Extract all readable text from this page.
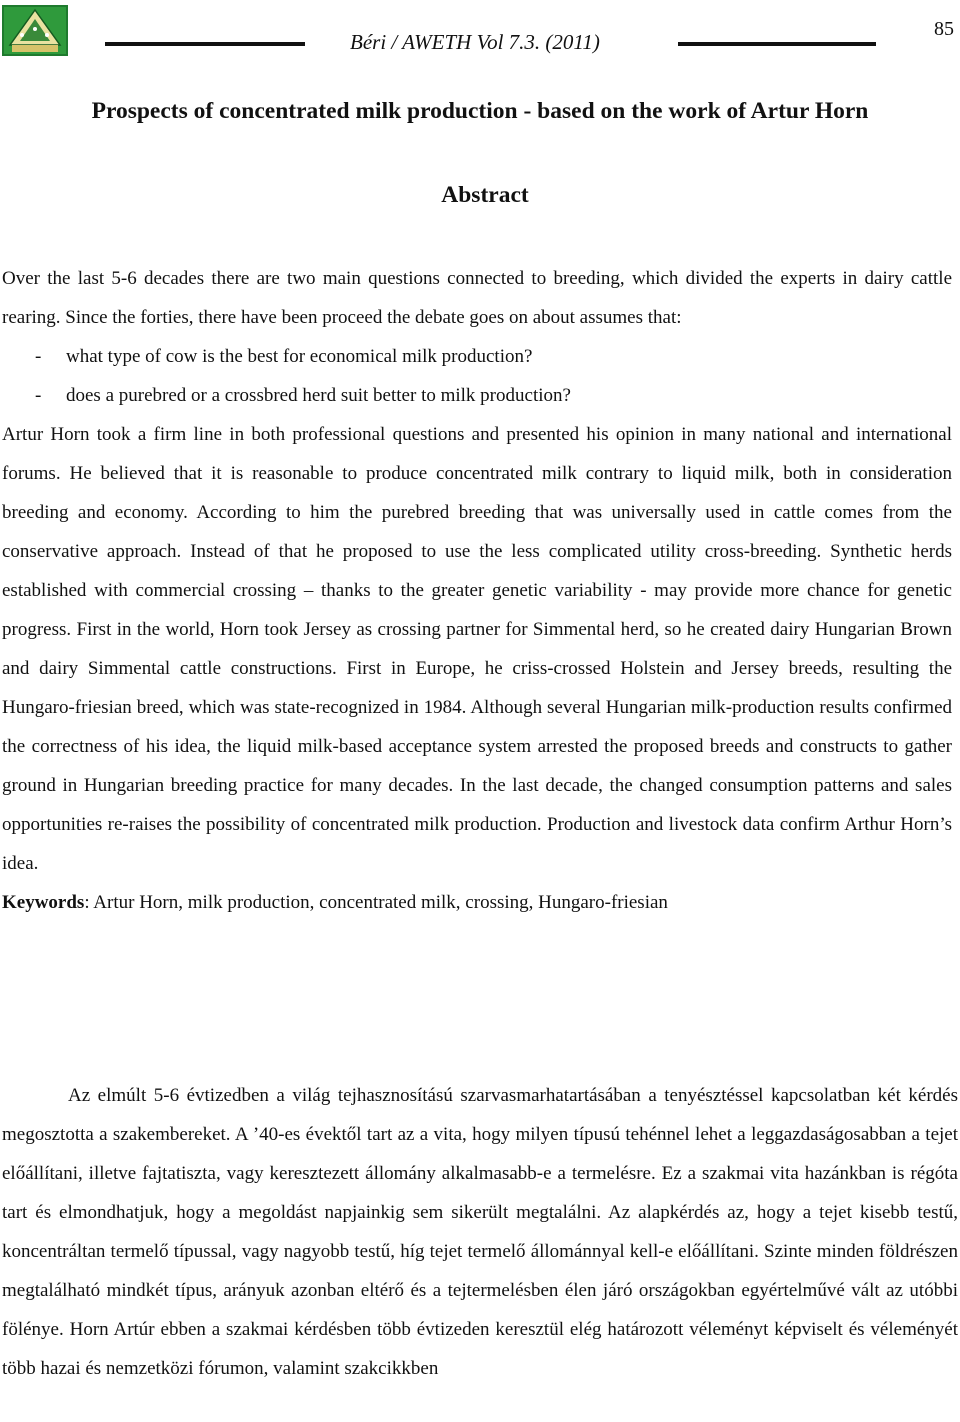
Béri / AWETH Vol 7.3. (2011)
85
Prospects of concentrated milk production - based on the work of Artur Horn
Abstract

Over the last 5-6 decades there are two main questions connected to breeding, which divided the experts in dairy cattle rearing. Since the forties, there have been proceed the debate goes on about assumes that:

- what type of cow is the best for economical milk production?
- does a purebred or a crossbred herd suit better to milk production?

Artur Horn took a firm line in both professional questions and presented his opinion in many national and international forums. He believed that it is reasonable to produce concentrated milk contrary to liquid milk, both in consideration breeding and economy. According to him the purebred breeding that was universally used in cattle comes from the conservative approach. Instead of that he proposed to use the less complicated utility cross-breeding. Synthetic herds established with commercial crossing – thanks to the greater genetic variability - may provide more chance for genetic progress. First in the world, Horn took Jersey as crossing partner for Simmental herd, so he created dairy Hungarian Brown and dairy Simmental cattle constructions. First in Europe, he criss-crossed Holstein and Jersey breeds, resulting the Hungaro-friesian breed, which was state-recognized in 1984. Although several Hungarian milk-production results confirmed the correctness of his idea, the liquid milk-based acceptance system arrested the proposed breeds and constructs to gather ground in Hungarian breeding practice for many decades. In the last decade, the changed consumption patterns and sales opportunities re-raises the possibility of concentrated milk production. Production and livestock data confirm Arthur Horn’s idea.

Keywords: Artur Horn, milk production, concentrated milk, crossing, Hungaro-friesian

Az elmúlt 5-6 évtizedben a világ tejhasznosítású szarvasmarhatartásában a tenyésztéssel kapcsolatban két kérdés megosztotta a szakembereket. A ’40-es évektől tart az a vita, hogy milyen típusú tehénnel lehet a leggazdaságosabban a tejet előállítani, illetve fajtatiszta, vagy keresztezett állomány alkalmasabb-e a termelésre. Ez a szakmai vita hazánkban is régóta tart és elmondhatjuk, hogy a megoldást napjainkig sem sikerült megtalálni. Az alapkérdés az, hogy a tejet kisebb testű, koncentráltan termelő típussal, vagy nagyobb testű, híg tejet termelő állománnyal kell-e előállítani. Szinte minden földrészen megtalálható mindkét típus, arányuk azonban eltérő és a tejtermelésben élen járó országokban egyértelművé vált az utóbbi fölénye. Horn Artúr ebben a szakmai kérdésben több évtizeden keresztül elég határozott véleményt képviselt és véleményét több hazai és nemzetközi fórumon, valamint szakcikkben
